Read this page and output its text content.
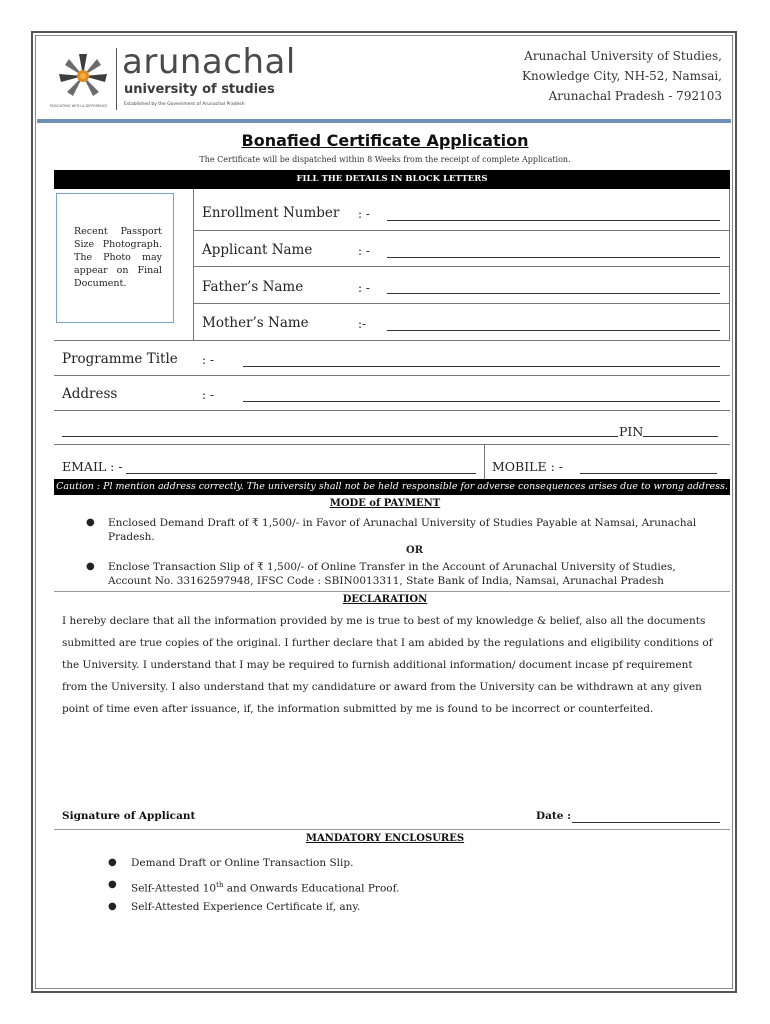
EDUCATING WITH A DIFFERENCE
arunachal
university of studies
Established by the Government of Arunachal Pradesh
Arunachal University of Studies,
Knowledge City, NH-52, Namsai,
Arunachal Pradesh - 792103
Bonafied Certificate Application
The Certificate will be dispatched within 8 Weeks from the receipt of complete Application.
FILL THE DETAILS IN BLOCK LETTERS
Recent Passport Size Photograph. The Photo may appear on Final Document.
Enrollment Number : -
Applicant Name	: -
Father’s Name	: -
Mother’s Name	:-
Programme Title : -
Address	: -
PIN
EMAIL : -	MOBILE : -
Caution : Pl mention address correctly. The university shall not be held responsible for adverse consequences arises due to wrong address.
MODE of PAYMENT
● Enclosed Demand Draft of ₹ 1,500/- in Favor of Arunachal University of Studies Payable at Namsai, Arunachal
Pradesh.
OR
● Enclose Transaction Slip of ₹ 1,500/- of Online Transfer in the Account of Arunachal University of Studies,
Account No. 33162597948, IFSC Code : SBIN0013311, State Bank of India, Namsai, Arunachal Pradesh
DECLARATION
I hereby declare that all the information provided by me is true to best of my knowledge & belief, also all the documents
submitted are true copies of the original. I further declare that I am abided by the regulations and eligibility conditions of
the University. I understand that I may be required to furnish additional information/ document incase pf requirement
from the University. I also understand that my candidature or award from the University can be withdrawn at any given
point of time even after issuance, if, the information submitted by me is found to be incorrect or counterfeited.
Signature of Applicant	Date :
MANDATORY ENCLOSURES
● Demand Draft or Online Transaction Slip.
● Self-Attested 10th and Onwards Educational Proof.
● Self-Attested Experience Certificate if, any.
